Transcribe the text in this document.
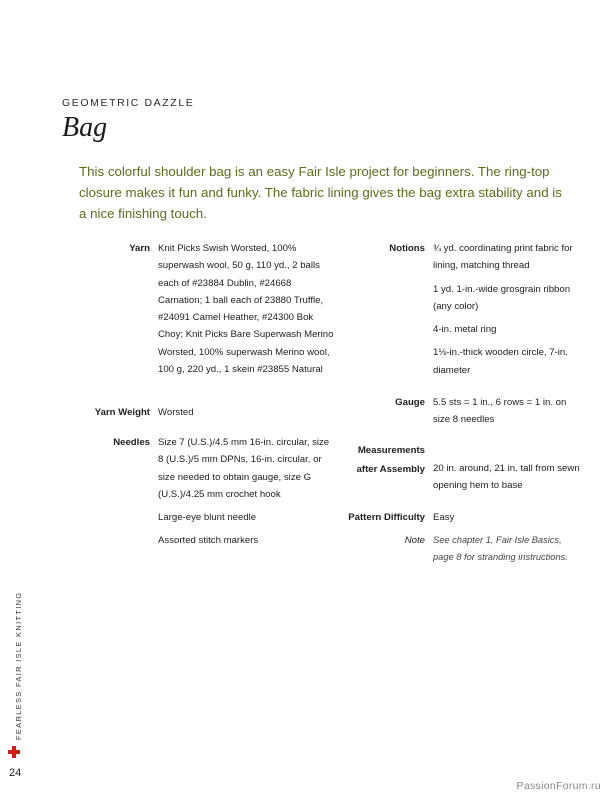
GEOMETRIC DAZZLE
Bag
This colorful shoulder bag is an easy Fair Isle project for beginners. The ring-top closure makes it fun and funky. The fabric lining gives the bag extra stability and is a nice finishing touch.
Yarn Knit Picks Swish Worsted, 100% superwash wool, 50 g, 110 yd., 2 balls each of #23884 Dublin, #24668 Carnation; 1 ball each of 23880 Truffle, #24091 Camel Heather, #24300 Bok Choy; Knit Picks Bare Superwash Merino Worsted, 100% superwash Merino wool, 100 g, 220 yd., 1 skein #23855 Natural
Yarn Weight Worsted
Needles Size 7 (U.S.)/4.5 mm 16-in. circular, size 8 (U.S.)/5 mm DPNs, 16-in. circular, or size needed to obtain gauge, size G (U.S.)/4.25 mm crochet hook

Large-eye blunt needle

Assorted stitch markers

Notions ¾ yd. coordinating print fabric for lining, matching thread

1 yd. 1-in.-wide grosgrain ribbon (any color)

4-in. metal ring

1⅛-in.-thick wooden circle, 7-in. diameter

Gauge 5.5 sts = 1 in., 6 rows = 1 in. on size 8 needles
Measurements
after Assembly 20 in. around, 21 in. tall from sewn opening hem to base
Pattern Difficulty Easy
Note See chapter 1, Fair Isle Basics, page 8 for stranding instructions.
FEARLESS FAIR ISLE KNITTING
24
PassionForum.ru
